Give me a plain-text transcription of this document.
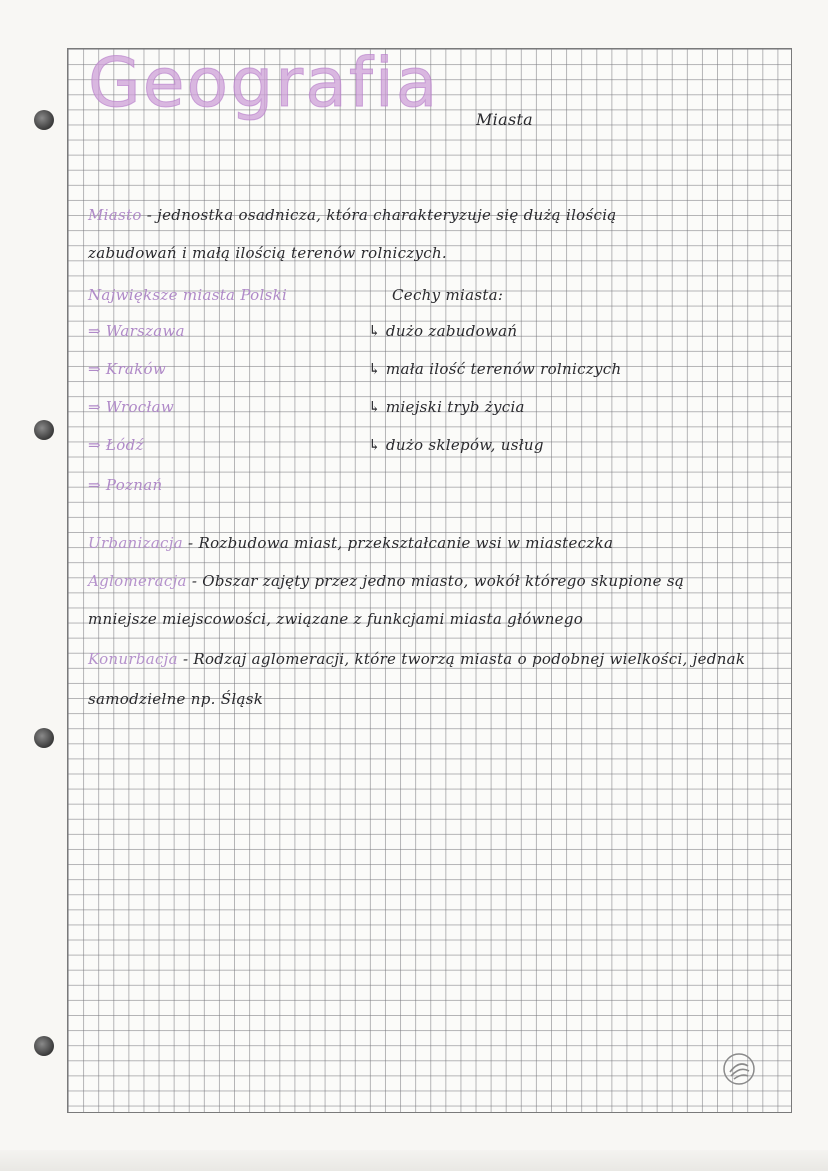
Geografia Miasta
Miasto - jednostka osadnicza, która charakteryzuje się dużą ilością
zabudowań i małą ilością terenów rolniczych.
Największe miasta Polski
⇒ Warszawa
⇒ Kraków
⇒ Wrocław
⇒ Łódź
⇒ Poznań
Cechy miasta:
↳ dużo zabudowań
↳ mała ilość terenów rolniczych
↳ miejski tryb życia
↳ dużo sklepów, usług
Urbanizacja - Rozbudowa miast, przekształcanie wsi w miasteczka
Aglomeracja - Obszar zajęty przez jedno miasto, wokół którego skupione są
mniejsze miejscowości, związane z funkcjami miasta głównego
Konurbacja - Rodzaj aglomeracji, które tworzą miasta o podobnej wielkości, jednak
samodzielne np. Śląsk
